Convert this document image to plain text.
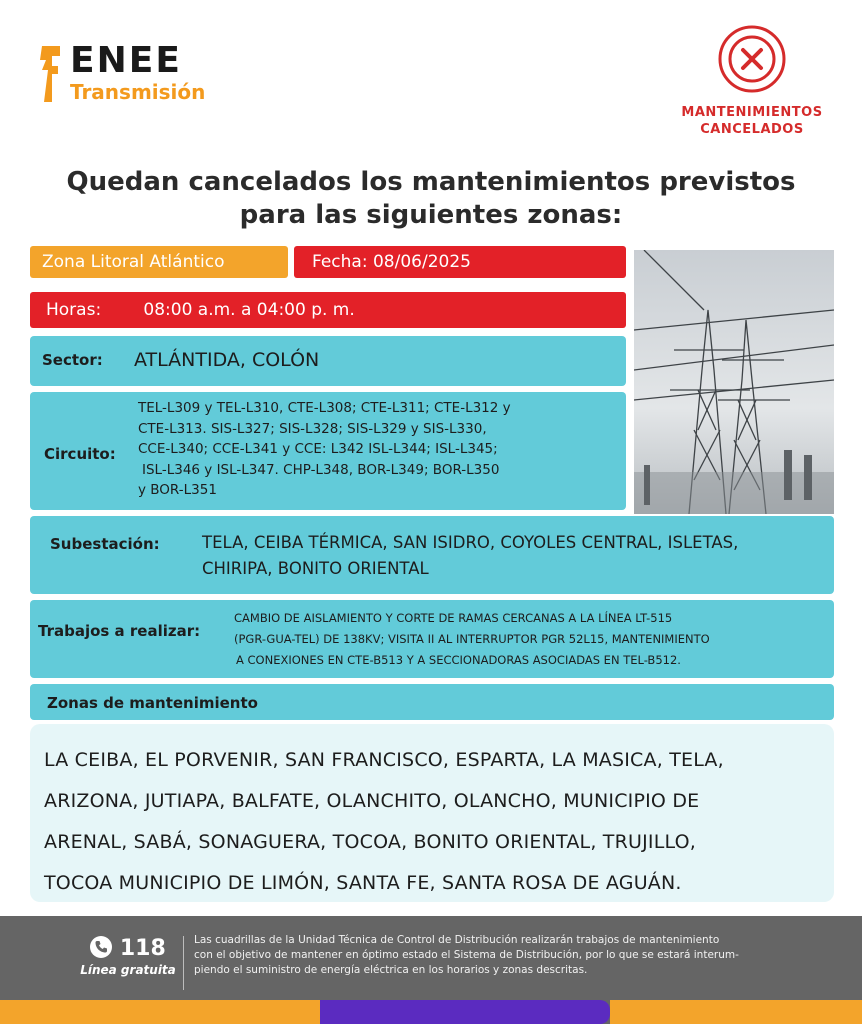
ENEE
Transmisión
MANTENIMIENTOS
CANCELADOS
Quedan cancelados los mantenimientos previstos
para las siguientes zonas:
Zona Litoral Atlántico	Fecha: 08/06/2025
Horas: 08:00 a.m. a 04:00 p. m.
Sector: ATLÁNTIDA, COLÓN
Circuito:
TEL-L309 y TEL-L310, CTE-L308; CTE-L311; CTE-L312 y
CTE-L313. SIS-L327; SIS-L328; SIS-L329 y SIS-L330,
CCE-L340; CCE-L341 y CCE: L342 ISL-L344; ISL-L345;
ISL-L346 y ISL-L347. CHP-L348, BOR-L349; BOR-L350
y BOR-L351
Subestación:	TELA, CEIBA TÉRMICA, SAN ISIDRO, COYOLES CENTRAL, ISLETAS,
CHIRIPA, BONITO ORIENTAL
Trabajos a realizar:
CAMBIO DE AISLAMIENTO Y CORTE DE RAMAS CERCANAS A LA LÍNEA LT-515
(PGR-GUA-TEL) DE 138KV; VISITA II AL INTERRUPTOR PGR 52L15, MANTENIMIENTO
A CONEXIONES EN CTE-B513 Y A SECCIONADORAS ASOCIADAS EN TEL-B512.
Zonas de mantenimiento
LA CEIBA, EL PORVENIR, SAN FRANCISCO, ESPARTA, LA MASICA, TELA,
ARIZONA, JUTIAPA, BALFATE, OLANCHITO, OLANCHO, MUNICIPIO DE
ARENAL, SABÁ, SONAGUERA, TOCOA, BONITO ORIENTAL, TRUJILLO,
TOCOA MUNICIPIO DE LIMÓN, SANTA FE, SANTA ROSA DE AGUÁN.
118
Línea gratuita
Las cuadrillas de la Unidad Técnica de Control de Distribución realizarán trabajos de mantenimiento
con el objetivo de mantener en óptimo estado el Sistema de Distribución, por lo que se estará interum-
piendo el suministro de energía eléctrica en los horarios y zonas descritas.
